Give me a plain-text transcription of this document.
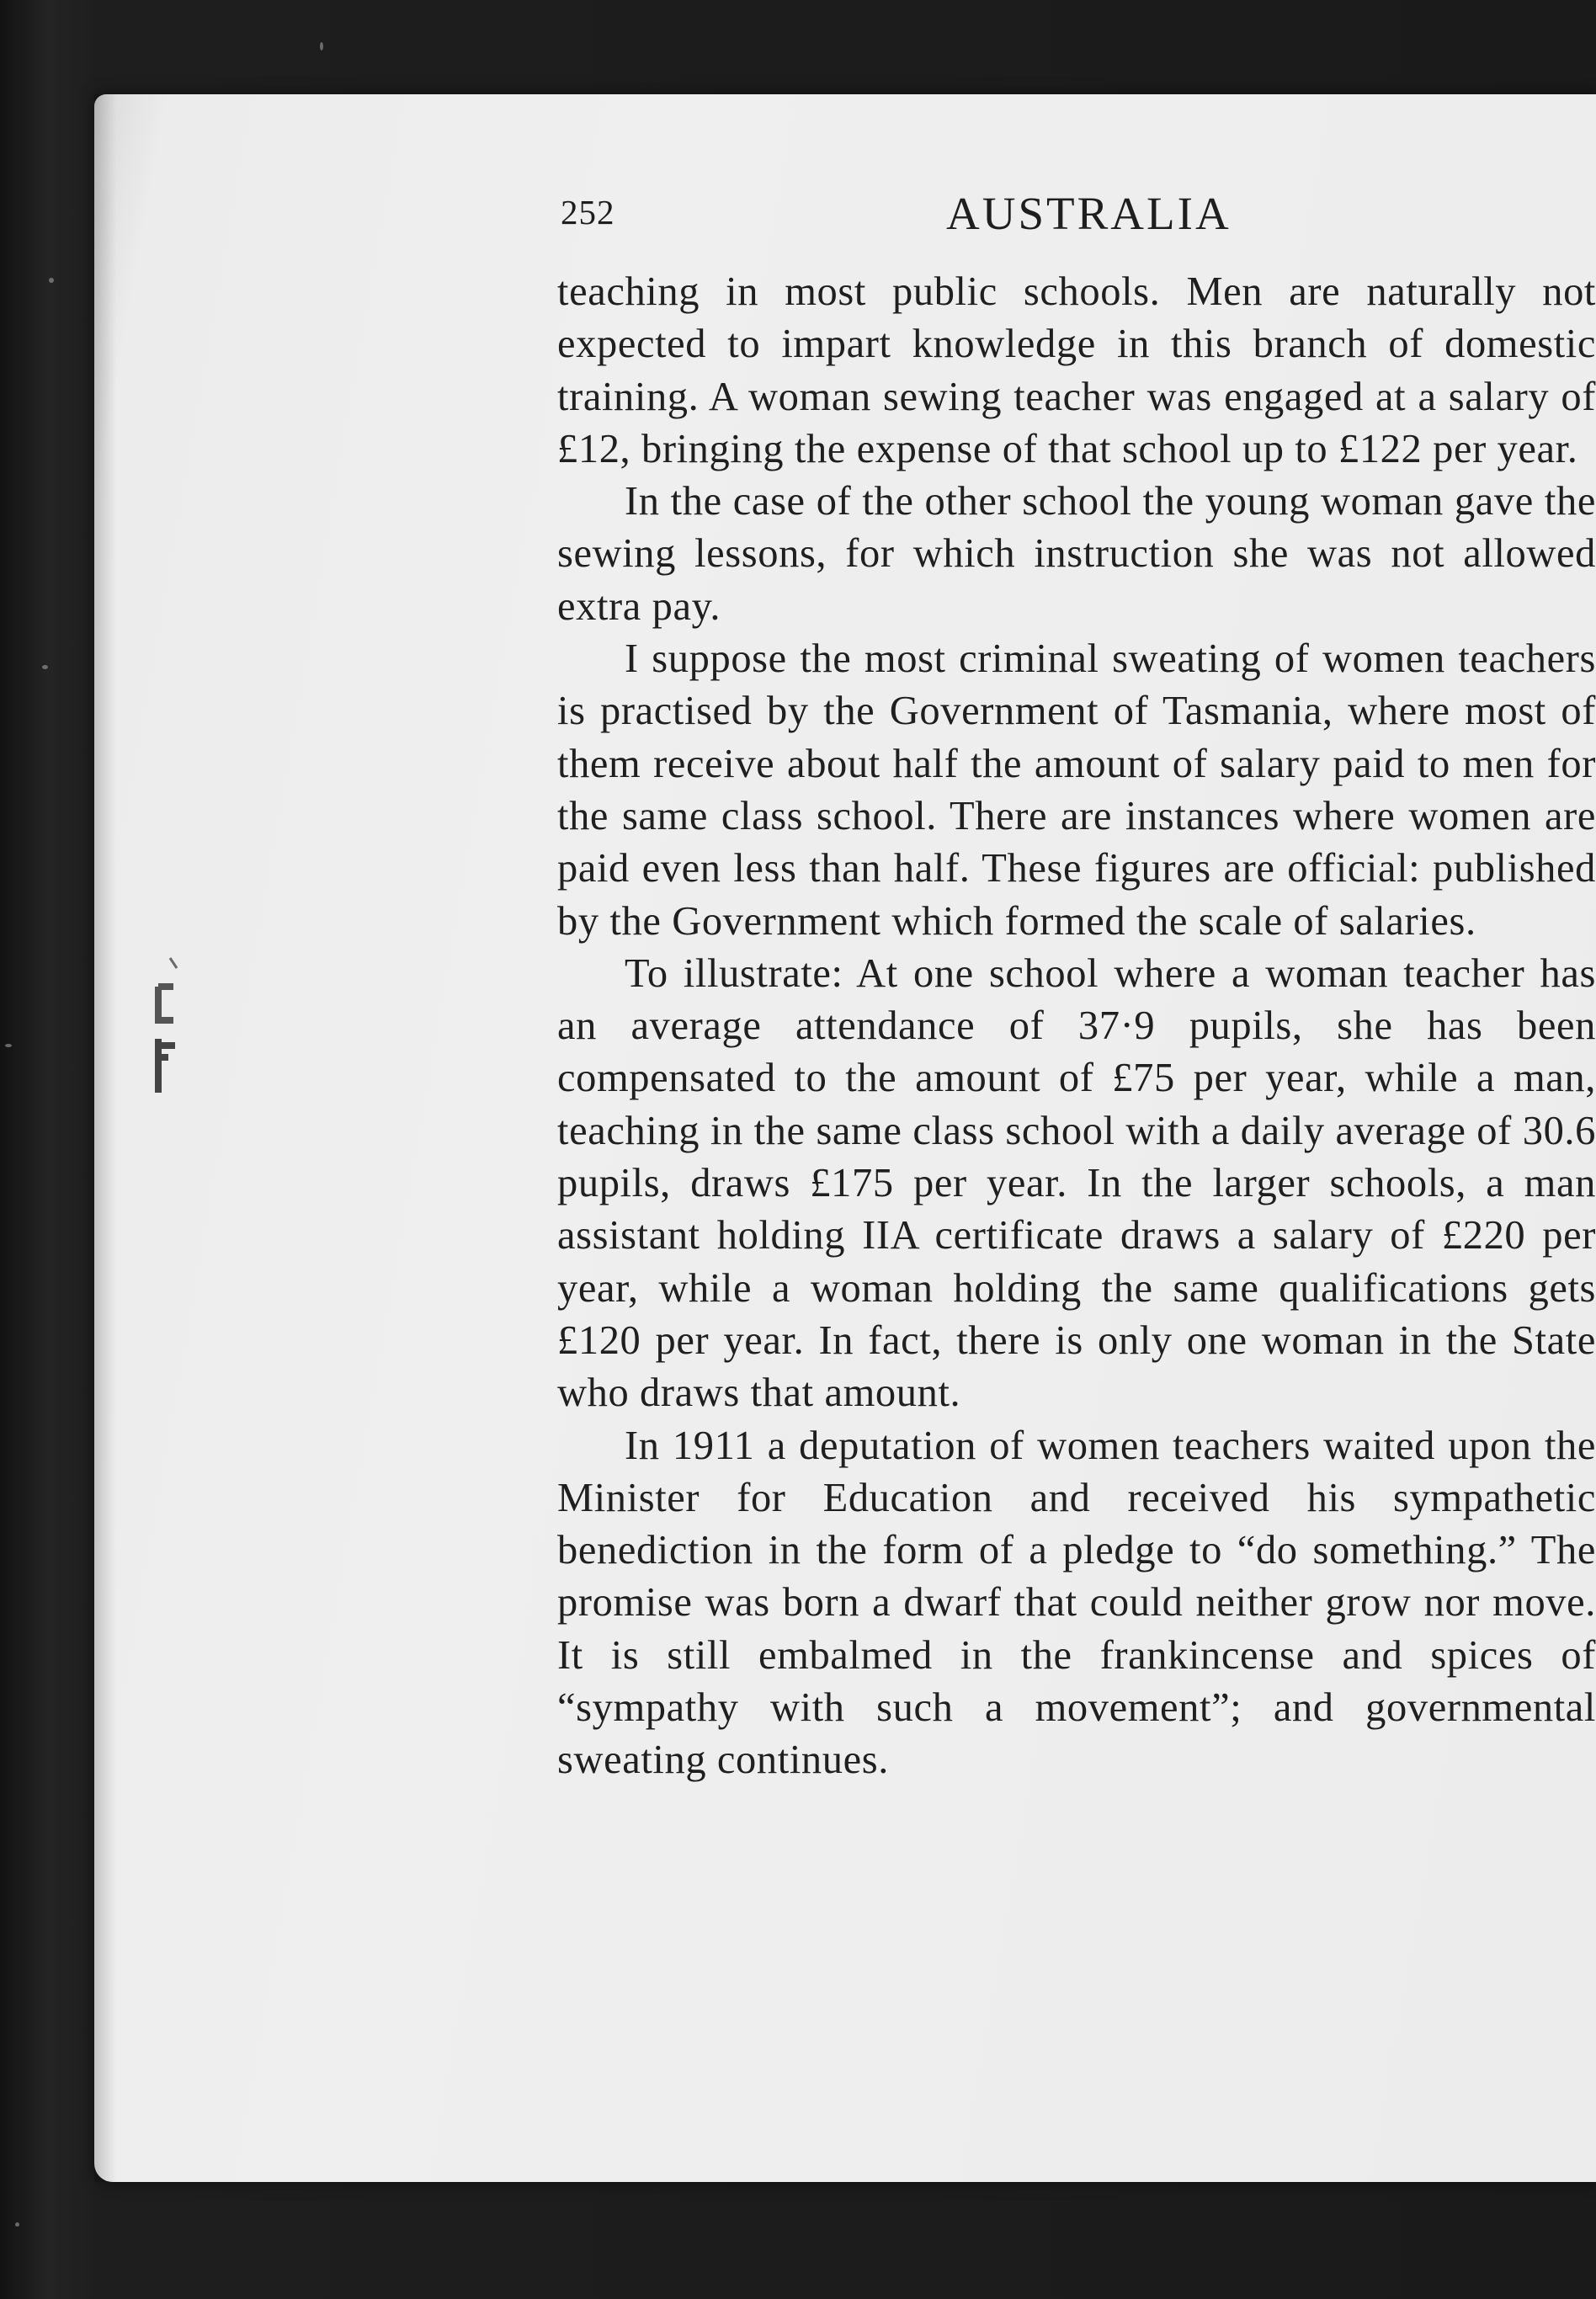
252	AUSTRALIA

teaching in most public schools. Men are naturally not expected to impart knowledge in this branch of domestic training. A woman sewing teacher was engaged at a salary of £12, bringing the expense of that school up to £122 per year.

In the case of the other school the young woman gave the sewing lessons, for which instruction she was not allowed extra pay.

I suppose the most criminal sweating of women teachers is practised by the Government of Tasmania, where most of them receive about half the amount of salary paid to men for the same class school. There are instances where women are paid even less than half. These figures are official: published by the Government which formed the scale of salaries.

To illustrate: At one school where a woman teacher has an average attendance of 37·9 pupils, she has been compensated to the amount of £75 per year, while a man, teaching in the same class school with a daily average of 30.6 pupils, draws £175 per year. In the larger schools, a man assistant holding IIA certificate draws a salary of £220 per year, while a woman holding the same qualifications gets £120 per year. In fact, there is only one woman in the State who draws that amount.

In 1911 a deputation of women teachers waited upon the Minister for Education and received his sympathetic benediction in the form of a pledge to “do something.” The promise was born a dwarf that could neither grow nor move. It is still embalmed in the frankincense and spices of “sympathy with such a movement”; and governmental sweating continues.
